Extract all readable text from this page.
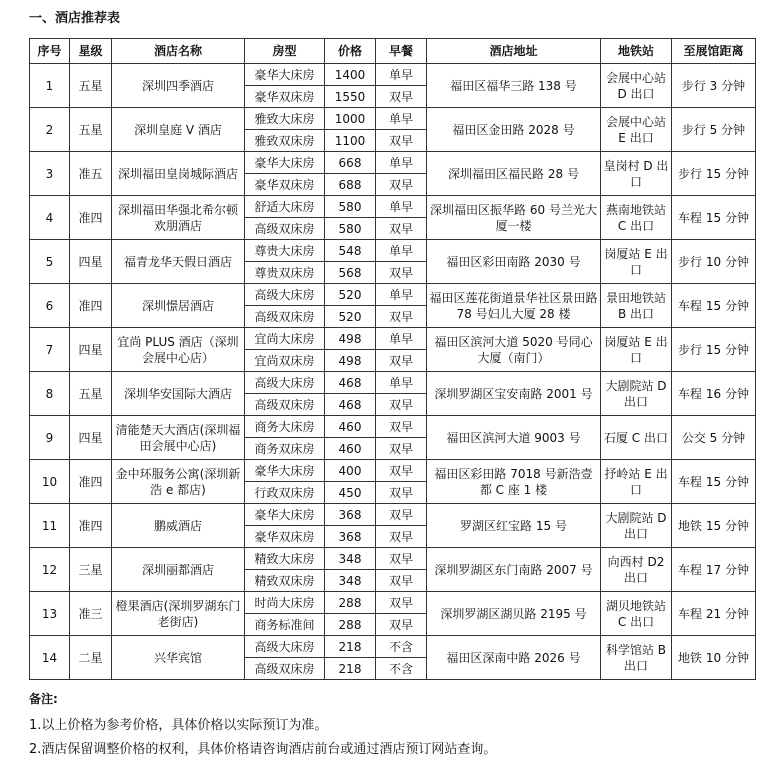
一、酒店推荐表
序号	星级	酒店名称	房型	价格	早餐	酒店地址	地铁站	至展馆距离
1	五星	深圳四季酒店	豪华大床房	1400	单早	福田区福华三路 138 号	会展中心站 D 出口	步行 3 分钟
			豪华双床房	1550	双早			
2	五星	深圳皇庭 V 酒店	雅致大床房	1000	单早	福田区金田路 2028 号	会展中心站 E 出口	步行 5 分钟
			雅致双床房	1100	双早			
3	准五	深圳福田皇岗城际酒店	豪华大床房	668	单早	深圳福田区福民路 28 号	皇岗村 D 出口	步行 15 分钟
			豪华双床房	688	双早			
4	准四	深圳福田华强北希尔顿欢朋酒店	舒适大床房	580	单早	深圳福田区振华路 60 号兰光大厦一楼	燕南地铁站 C 出口	车程 15 分钟
			高级双床房	580	双早			
5	四星	福青龙华天假日酒店	尊贵大床房	548	单早	福田区彩田南路 2030 号	岗厦站 E 出口	步行 10 分钟
			尊贵双床房	568	双早			
6	准四	深圳憬居酒店	高级大床房	520	单早	福田区莲花街道景华社区景田路 78 号妇儿大厦 28 楼	景田地铁站 B 出口	车程 15 分钟
			高级双床房	520	双早			
7	四星	宜尚 PLUS 酒店（深圳会展中心店）	宜尚大床房	498	单早	福田区滨河大道 5020 号同心大厦（南门）	岗厦站 E 出口	步行 15 分钟
			宜尚双床房	498	双早			
8	五星	深圳华安国际大酒店	高级大床房	468	单早	深圳罗湖区宝安南路 2001 号	大剧院站 D 出口	车程 16 分钟
			高级双床房	468	双早			
9	四星	清能楚天大酒店(深圳福田会展中心店)	商务大床房	460	双早	福田区滨河大道 9003 号	石厦 C 出口	公交 5 分钟
			商务双床房	460	双早			
10	准四	金中环服务公寓(深圳新浩 e 都店)	豪华大床房	400	双早	福田区彩田路 7018 号新浩壹都 C 座 1 楼	抒岭站 E 出口	车程 15 分钟
			行政双床房	450	双早			
11	准四	鹏威酒店	豪华大床房	368	双早	罗湖区红宝路 15 号	大剧院站 D 出口	地铁 15 分钟
			豪华双床房	368	双早			
12	三星	深圳丽都酒店	精致大床房	348	双早	深圳罗湖区东门南路 2007 号	向西村 D2 出口	车程 17 分钟
			精致双床房	348	双早			
13	准三	橙果酒店(深圳罗湖东门老街店)	时尚大床房	288	双早	深圳罗湖区湖贝路 2195 号	湖贝地铁站 C 出口	车程 21 分钟
			商务标准间	288	双早			
14	二星	兴华宾馆	高级大床房	218	不含	福田区深南中路 2026 号	科学馆站 B 出口	地铁 10 分钟
			高级双床房	218	不含			
备注:
1.以上价格为参考价格，具体价格以实际预订为准。
2.酒店保留调整价格的权利，具体价格请咨询酒店前台或通过酒店预订网站查询。
